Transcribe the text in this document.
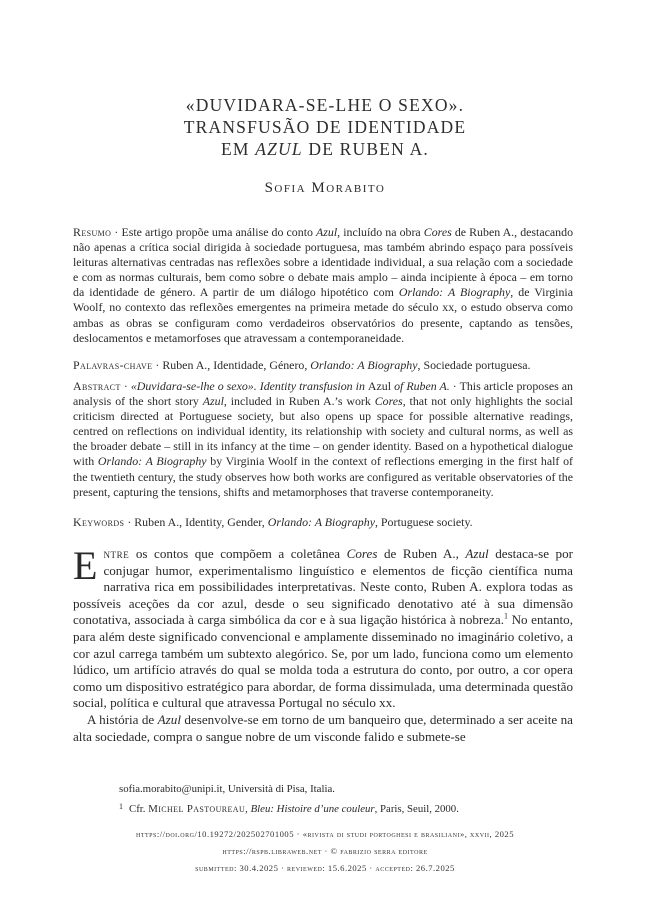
«DUVIDARA-SE-LHE O SEXO».
TRANSFUSÃO DE IDENTIDADE
EM AZUL DE RUBEN A.
Sofia Morabito
Resumo · Este artigo propõe uma análise do conto Azul, incluído na obra Cores de Ruben A., destacando não apenas a crítica social dirigida à sociedade portuguesa, mas também abrindo espaço para possíveis leituras alternativas centradas nas reflexões sobre a identidade individual, a sua relação com a sociedade e com as normas culturais, bem como sobre o debate mais amplo – ainda incipiente à época – em torno da identidade de género. A partir de um diálogo hipotético com Orlando: A Biography, de Virginia Woolf, no contexto das reflexões emergentes na primeira metade do século xx, o estudo observa como ambas as obras se configuram como verdadeiros observatórios do presente, captando as tensões, deslocamentos e metamorfoses que atravessam a contemporaneidade.
Palavras-chave · Ruben A., Identidade, Género, Orlando: A Biography, Sociedade portuguesa.
Abstract · «Duvidara-se-lhe o sexo». Identity transfusion in Azul of Ruben A. · This article proposes an analysis of the short story Azul, included in Ruben A.’s work Cores, that not only highlights the social criticism directed at Portuguese society, but also opens up space for possible alternative readings, centred on reflections on individual identity, its relationship with society and cultural norms, as well as the broader debate – still in its infancy at the time – on gender identity. Based on a hypothetical dialogue with Orlando: A Biography by Virginia Woolf in the context of reflections emerging in the first half of the twentieth century, the study observes how both works are configured as veritable observatories of the present, capturing the tensions, shifts and metamorphoses that traverse contemporaneity.
Keywords · Ruben A., Identity, Gender, Orlando: A Biography, Portuguese society.

Entre os contos que compõem a coletânea Cores de Ruben A., Azul destaca-se por conjugar humor, experimentalismo linguístico e elementos de ficção científica numa narrativa rica em possibilidades interpretativas. Neste conto, Ruben A. explora todas as possíveis aceções da cor azul, desde o seu significado denotativo até à sua dimensão conotativa, associada à carga simbólica da cor e à sua ligação histórica à nobreza.$^1$ No entanto, para além deste significado convencional e amplamente disseminado no imaginário coletivo, a cor azul carrega também um subtexto alegórico. Se, por um lado, funciona como um elemento lúdico, um artifício através do qual se molda toda a estrutura do conto, por outro, a cor opera como um dispositivo estratégico para abordar, de forma dissimulada, uma determinada questão social, política e cultural que atravessa Portugal no século xx.

A história de Azul desenvolve-se em torno de um banqueiro que, determinado a ser aceite na alta sociedade, compra o sangue nobre de um visconde falido e submete-se

sofia.morabito@unipi.it, Università di Pisa, Italia.
$^1$ Cfr. Michel Pastoureau, Bleu: Histoire d’une couleur, Paris, Seuil, 2000.
https://doi.org/10.19272/202502701005 · «rivista di studi portoghesi e brasiliani», xxvii, 2025
https://rspb.libraweb.net · © fabrizio serra editore
submitted: 30.4.2025 · reviewed: 15.6.2025 · accepted: 26.7.2025
